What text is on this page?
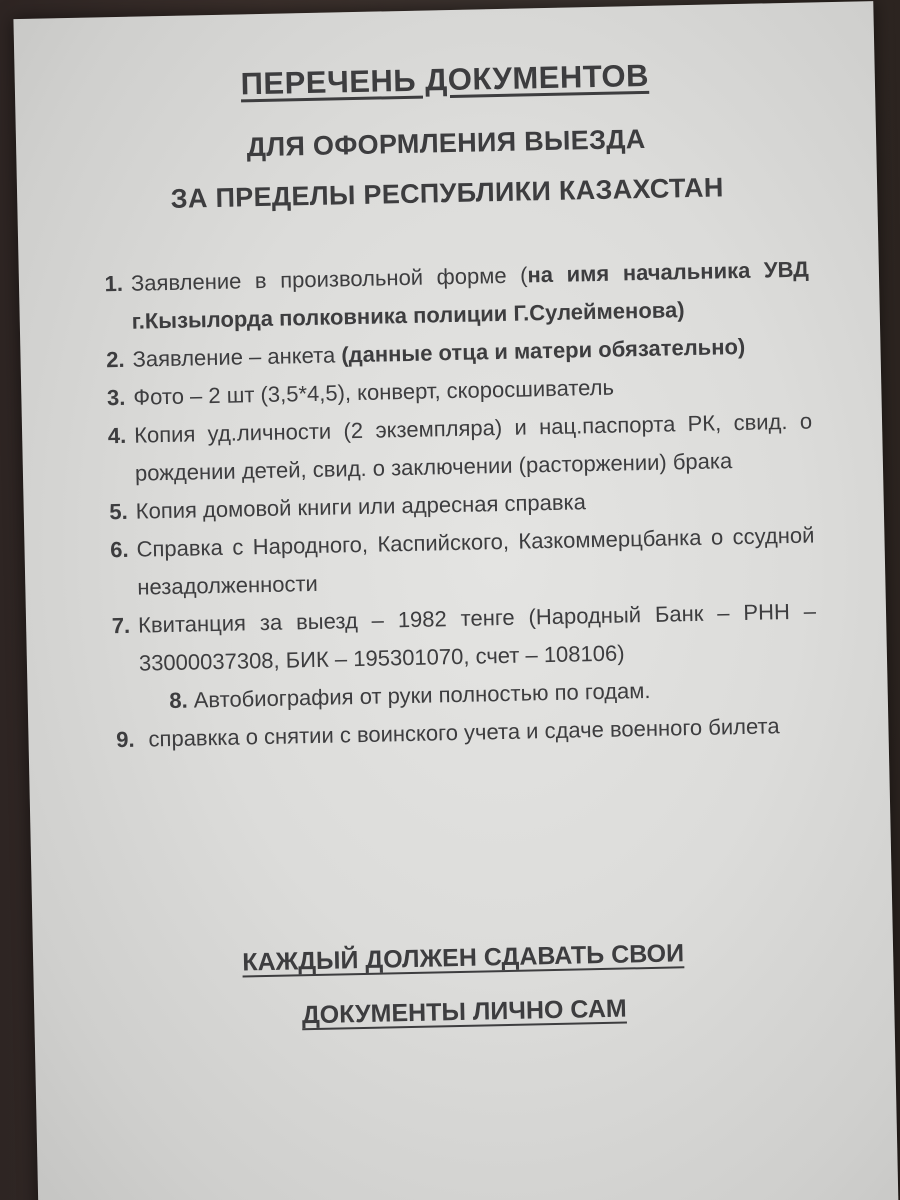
ПЕРЕЧЕНЬ ДОКУМЕНТОВ
ДЛЯ ОФОРМЛЕНИЯ ВЫЕЗДА
ЗА ПРЕДЕЛЫ РЕСПУБЛИКИ КАЗАХСТАН
1. Заявление в произвольной форме (на имя начальника УВД г.Кызылорда полковника полиции Г.Сулейменова)
2. Заявление – анкета (данные отца и матери обязательно)
3. Фото – 2 шт (3,5*4,5), конверт, скоросшиватель
4. Копия уд.личности (2 экземпляра) и нац.паспорта РК, свид. о рождении детей, свид. о заключении (расторжении) брака
5. Копия домовой книги или адресная справка
6. Справка с Народного, Каспийского, Казкоммерцбанка о ссудной незадолженности
7. Квитанция за выезд – 1982 тенге (Народный Банк – РНН – 33000037308, БИК – 195301070, счет – 108106)
8. Автобиография от руки полностью по годам.
9. справкка о снятии с воинского учета и сдаче военного билета
КАЖДЫЙ ДОЛЖЕН СДАВАТЬ СВОИ
ДОКУМЕНТЫ ЛИЧНО САМ
